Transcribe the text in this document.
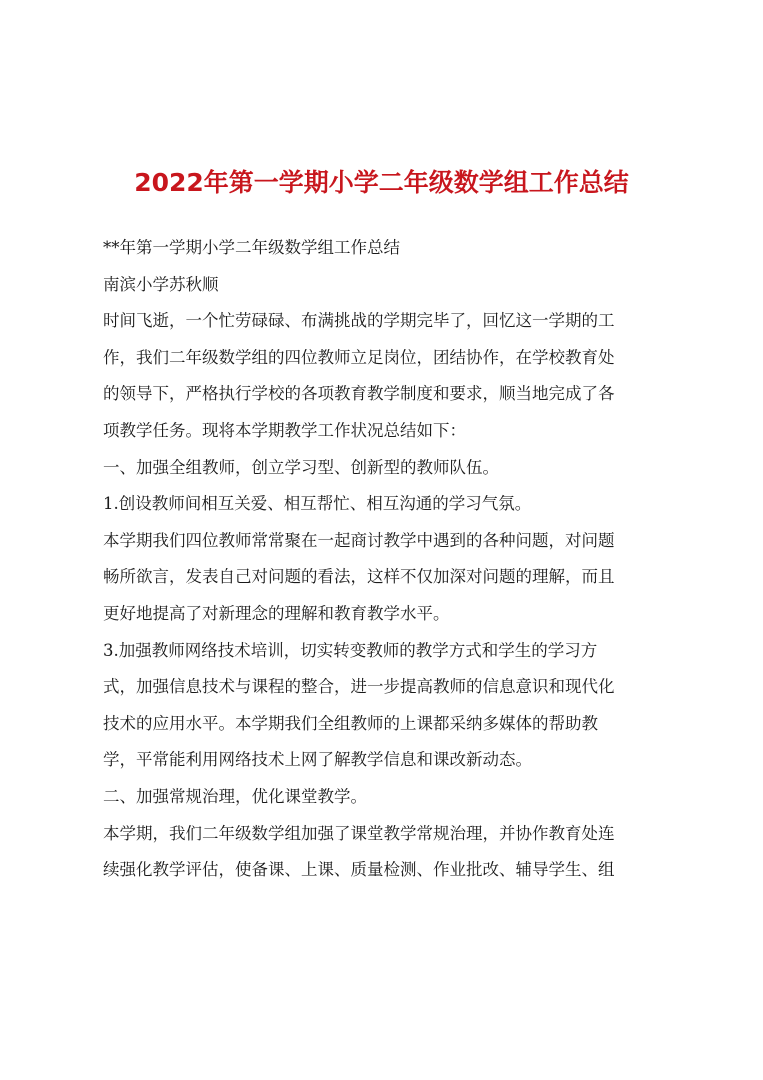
2022年第一学期小学二年级数学组工作总结
**年第一学期小学二年级数学组工作总结
南滨小学苏秋顺
时间飞逝，一个忙劳碌碌、布满挑战的学期完毕了，回忆这一学期的工
作，我们二年级数学组的四位教师立足岗位，团结协作，在学校教育处
的领导下，严格执行学校的各项教育教学制度和要求，顺当地完成了各
项教学任务。现将本学期教学工作状况总结如下：
一、加强全组教师，创立学习型、创新型的教师队伍。
1.创设教师间相互关爱、相互帮忙、相互沟通的学习气氛。
本学期我们四位教师常常聚在一起商讨教学中遇到的各种问题，对问题
畅所欲言，发表自己对问题的看法，这样不仅加深对问题的理解，而且
更好地提高了对新理念的理解和教育教学水平。
3.加强教师网络技术培训，切实转变教师的教学方式和学生的学习方
式，加强信息技术与课程的整合，进一步提高教师的信息意识和现代化
技术的应用水平。本学期我们全组教师的上课都采纳多媒体的帮助教
学，平常能利用网络技术上网了解教学信息和课改新动态。
二、加强常规治理，优化课堂教学。
本学期，我们二年级数学组加强了课堂教学常规治理，并协作教育处连
续强化教学评估，使备课、上课、质量检测、作业批改、辅导学生、组
